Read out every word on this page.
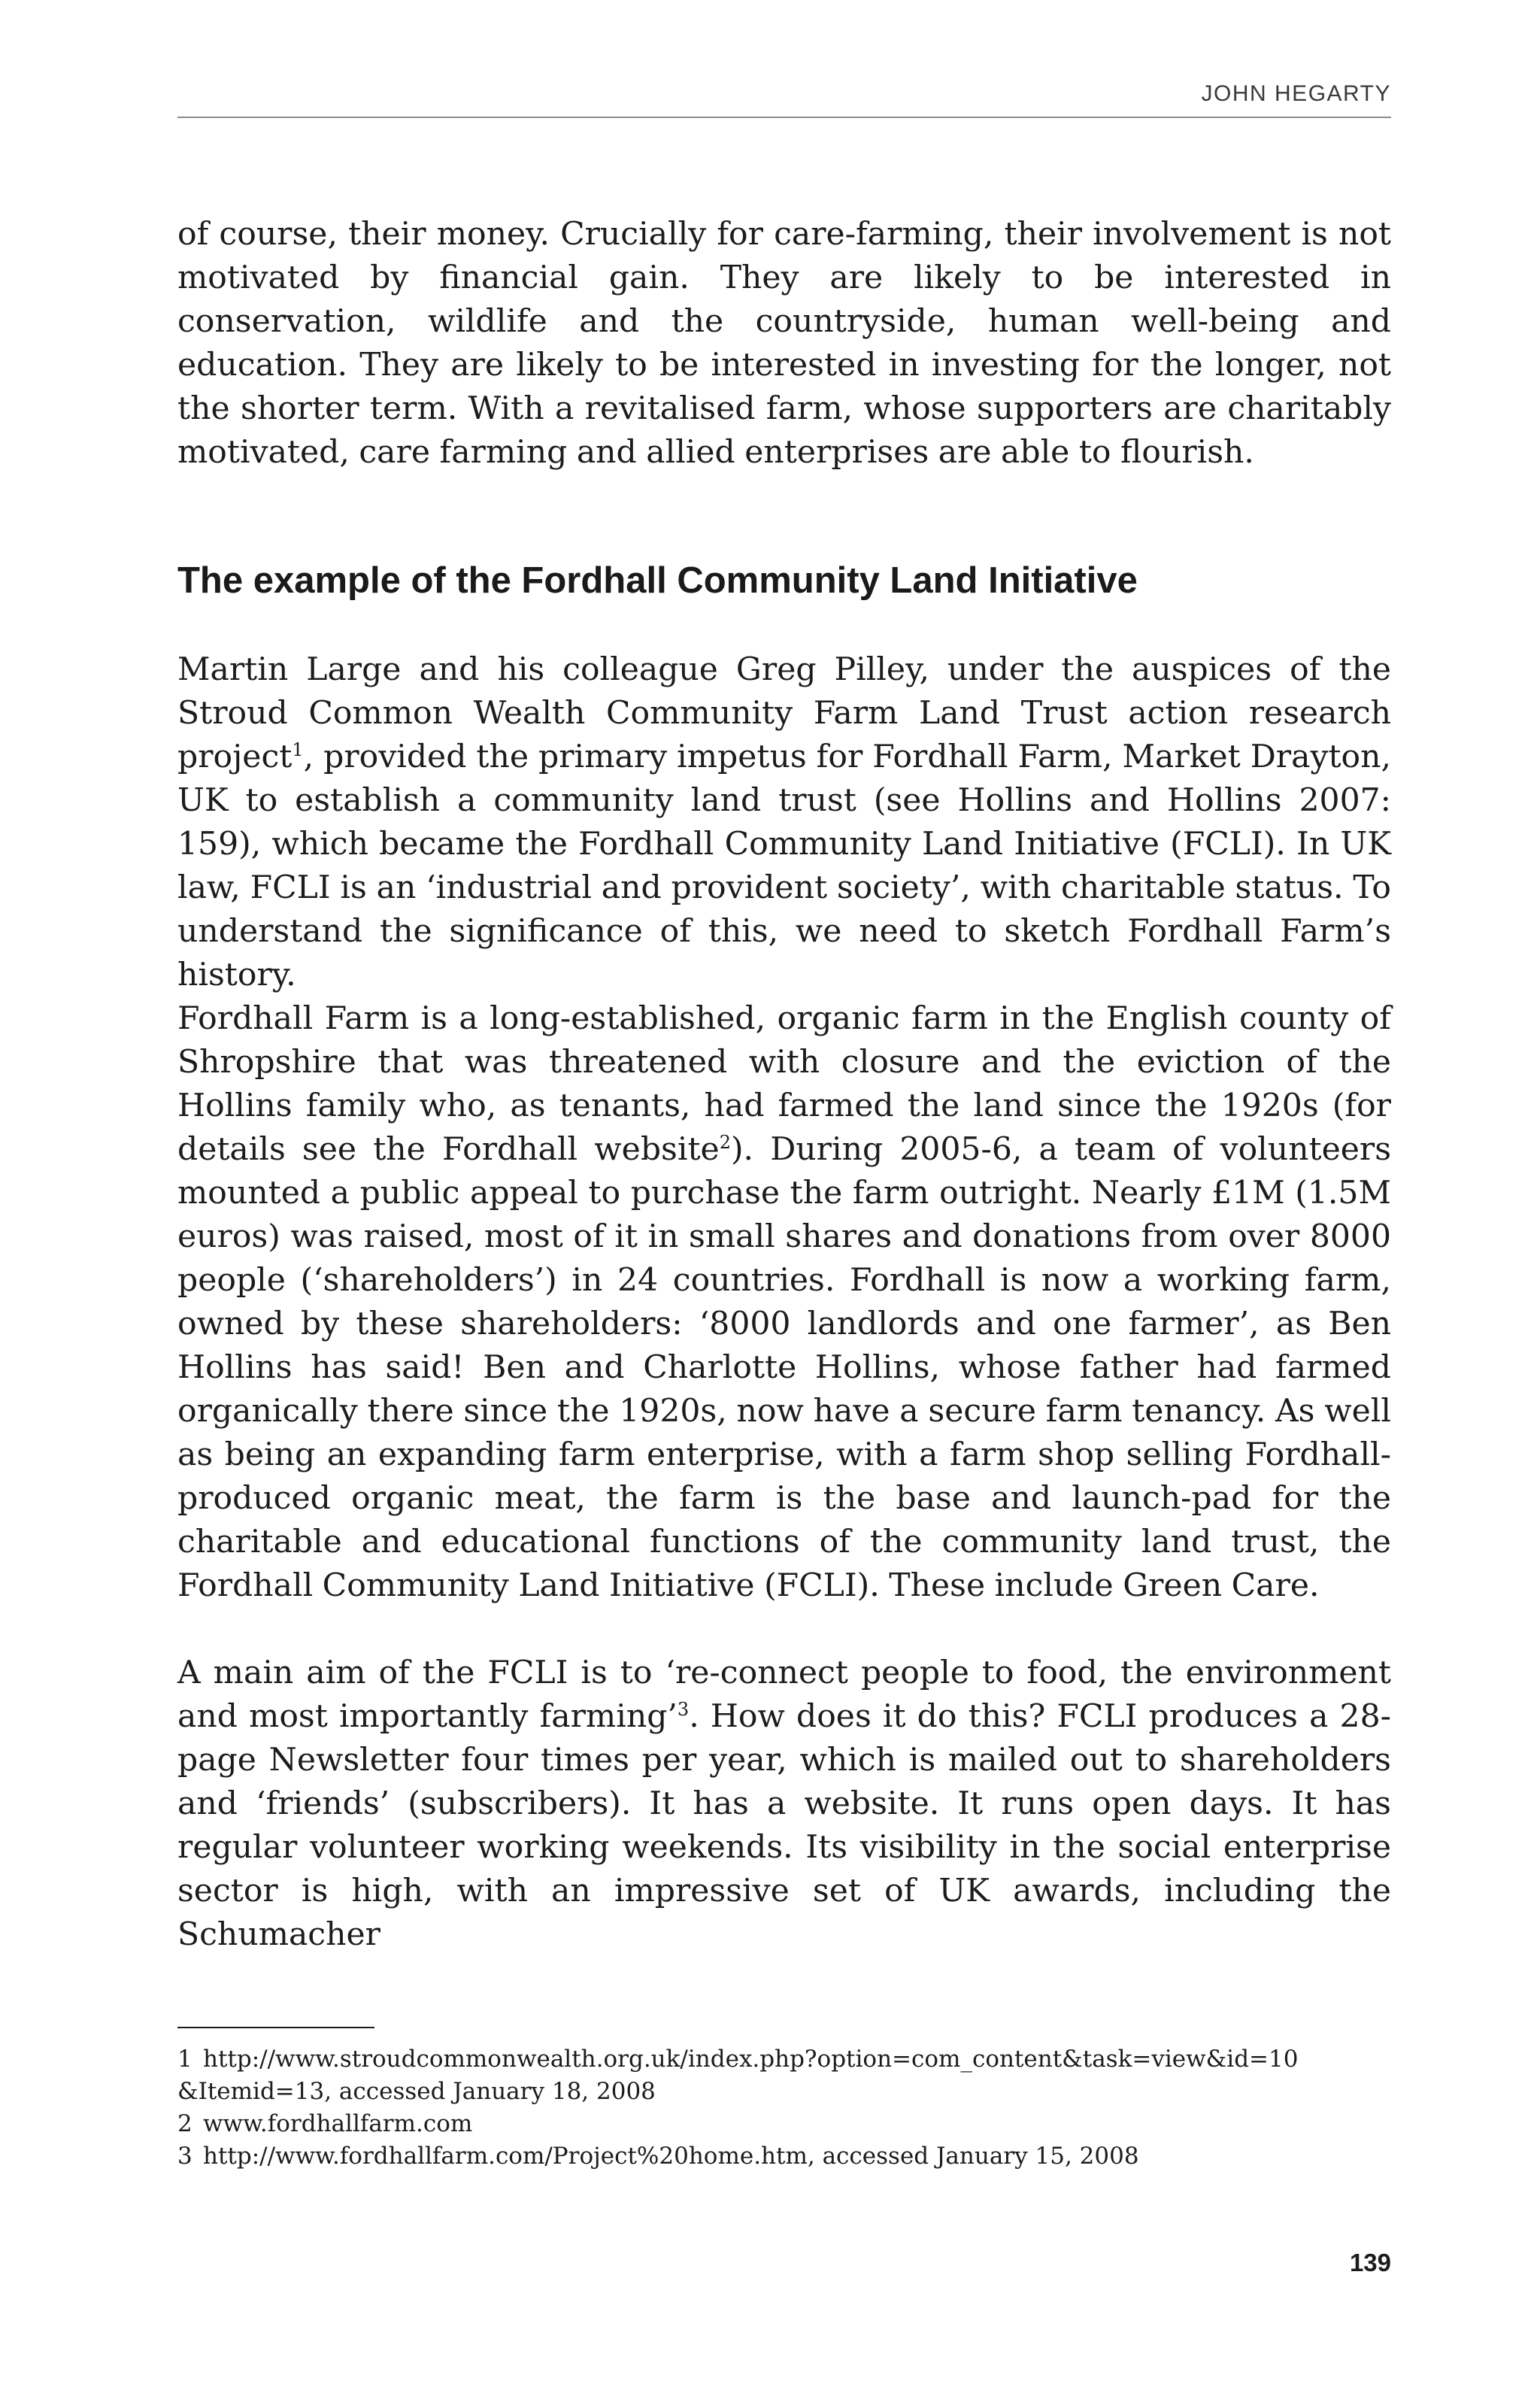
JOHN HEGARTY

of course, their money. Crucially for care-farming, their involvement is not motivated by financial gain. They are likely to be interested in conservation, wildlife and the countryside, human well-being and education. They are likely to be interested in investing for the longer, not the shorter term. With a revitalised farm, whose supporters are charitably motivated, care farming and allied enterprises are able to flourish.

The example of the Fordhall Community Land Initiative

Martin Large and his colleague Greg Pilley, under the auspices of the Stroud Common Wealth Community Farm Land Trust action research project$^1$, provided the primary impetus for Fordhall Farm, Market Drayton, UK to establish a community land trust (see Hollins and Hollins 2007: 159), which became the Fordhall Community Land Initiative (FCLI). In UK law, FCLI is an ‘industrial and provident society’, with charitable status. To understand the significance of this, we need to sketch Fordhall Farm’s history.

Fordhall Farm is a long-established, organic farm in the English county of Shropshire that was threatened with closure and the eviction of the Hollins family who, as tenants, had farmed the land since the 1920s (for details see the Fordhall website$^2$). During 2005-6, a team of volunteers mounted a public appeal to purchase the farm outright. Nearly £1M (1.5M euros) was raised, most of it in small shares and donations from over 8000 people (‘shareholders’) in 24 countries. Fordhall is now a working farm, owned by these shareholders: ‘8000 landlords and one farmer’, as Ben Hollins has said! Ben and Charlotte Hollins, whose father had farmed organically there since the 1920s, now have a secure farm tenancy. As well as being an expanding farm enterprise, with a farm shop selling Fordhall-produced organic meat, the farm is the base and launch-pad for the charitable and educational functions of the community land trust, the Fordhall Community Land Initiative (FCLI). These include Green Care.

A main aim of the FCLI is to ‘re-connect people to food, the environment and most importantly farming’$^3$. How does it do this? FCLI produces a 28-page Newsletter four times per year, which is mailed out to shareholders and ‘friends’ (subscribers). It has a website. It runs open days. It has regular volunteer working weekends. Its visibility in the social enterprise sector is high, with an impressive set of UK awards, including the Schumacher

1 http://www.stroudcommonwealth.org.uk/index.php?option=com_content&task=view&id=10

&Itemid=13, accessed January 18, 2008

2 www.fordhallfarm.com

3 http://www.fordhallfarm.com/Project%20home.htm, accessed January 15, 2008

139
